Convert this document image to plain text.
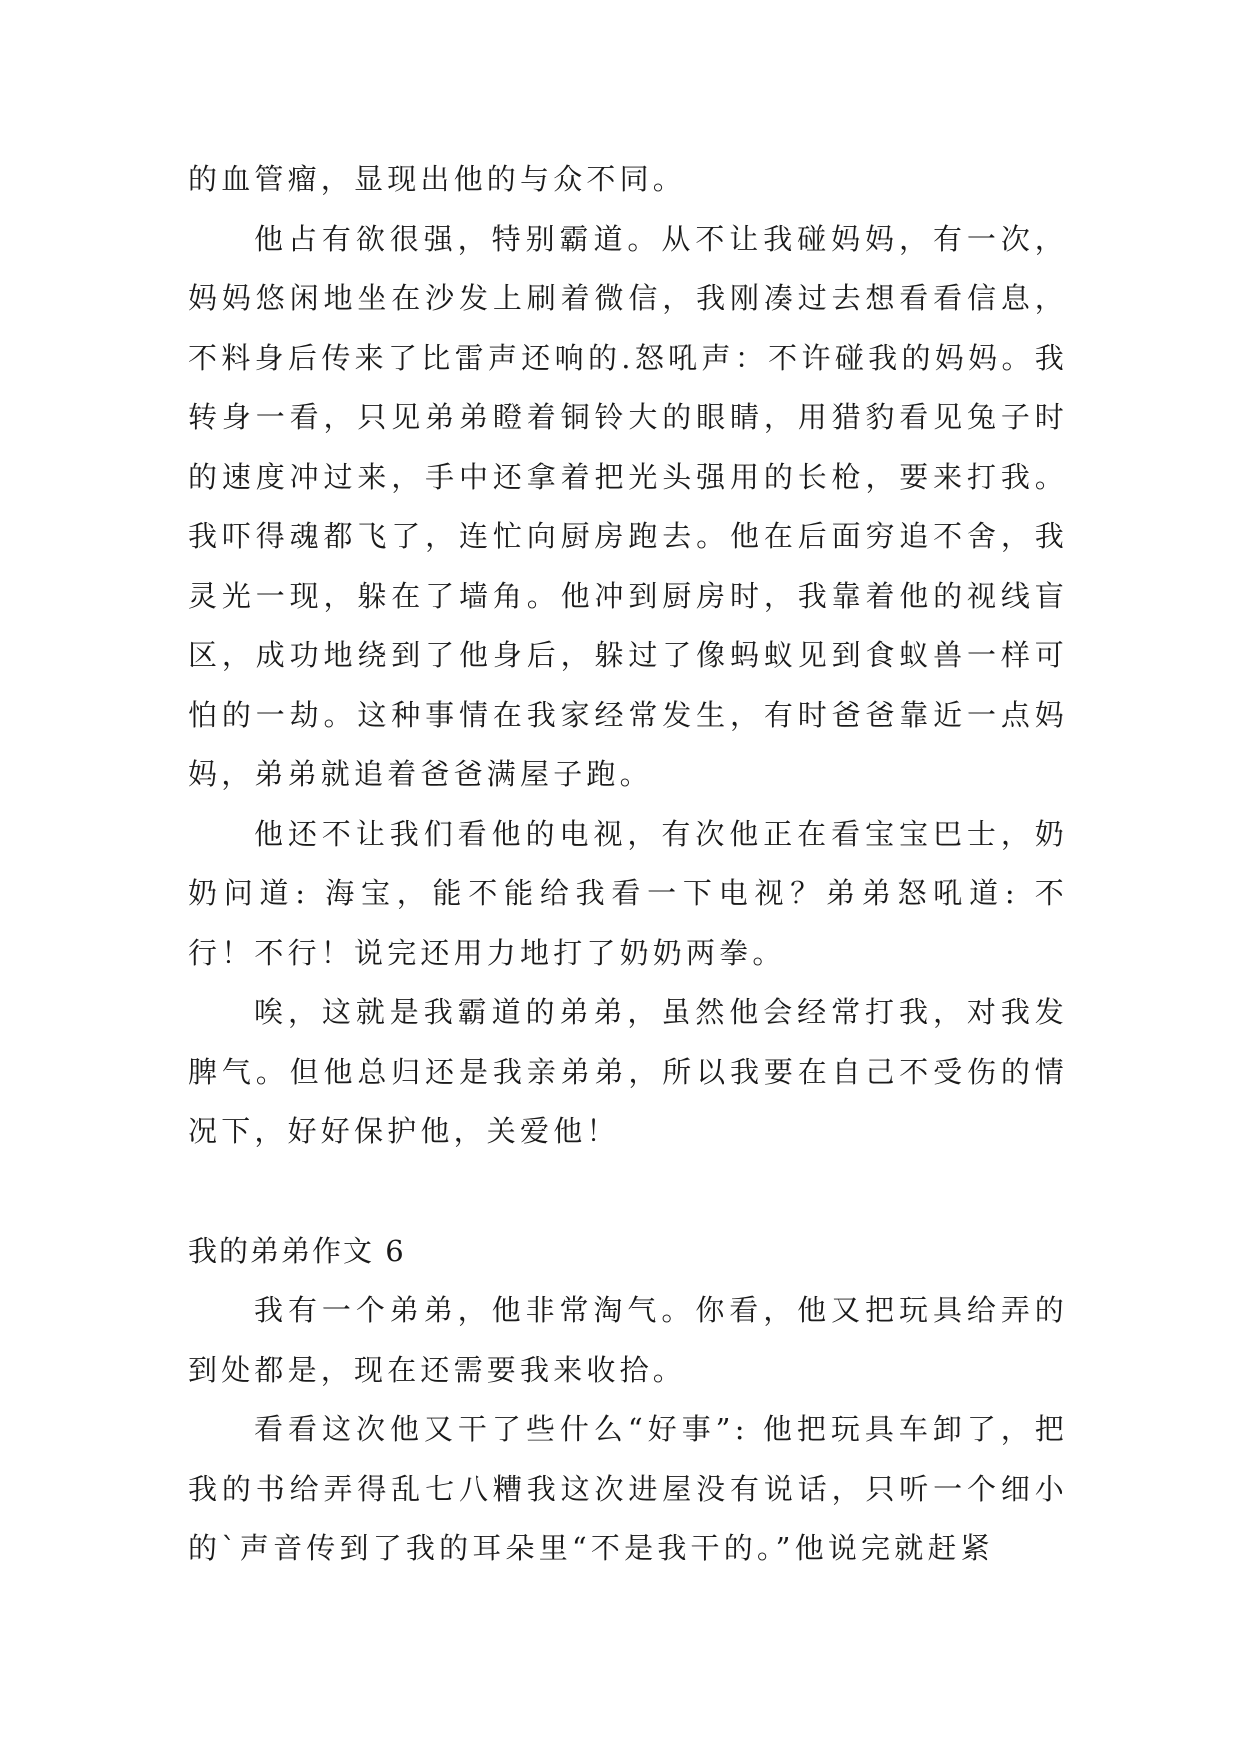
的血管瘤，显现出他的与众不同。

他占有欲很强，特别霸道。从不让我碰妈妈，有一次，妈妈悠闲地坐在沙发上刷着微信，我刚凑过去想看看信息，不料身后传来了比雷声还响的.怒吼声：不许碰我的妈妈。我转身一看，只见弟弟瞪着铜铃大的眼睛，用猎豹看见兔子时的速度冲过来，手中还拿着把光头强用的长枪，要来打我。我吓得魂都飞了，连忙向厨房跑去。他在后面穷追不舍，我灵光一现，躲在了墙角。他冲到厨房时，我靠着他的视线盲区，成功地绕到了他身后，躲过了像蚂蚁见到食蚁兽一样可怕的一劫。这种事情在我家经常发生，有时爸爸靠近一点妈妈，弟弟就追着爸爸满屋子跑。

他还不让我们看他的电视，有次他正在看宝宝巴士，奶奶问道: 海宝，能不能给我看一下电视？弟弟怒吼道: 不行！不行！说完还用力地打了奶奶两拳。

唉，这就是我霸道的弟弟，虽然他会经常打我，对我发脾气。但他总归还是我亲弟弟，所以我要在自己不受伤的情况下，好好保护他，关爱他！

我的弟弟作文 6

我有一个弟弟，他非常淘气。你看，他又把玩具给弄的到处都是，现在还需要我来收拾。

看看这次他又干了些什么“好事”: 他把玩具车卸了，把我的书给弄得乱七八糟我这次进屋没有说话，只听一个细小的`声音传到了我的耳朵里“不是我干的。”他说完就赶紧
